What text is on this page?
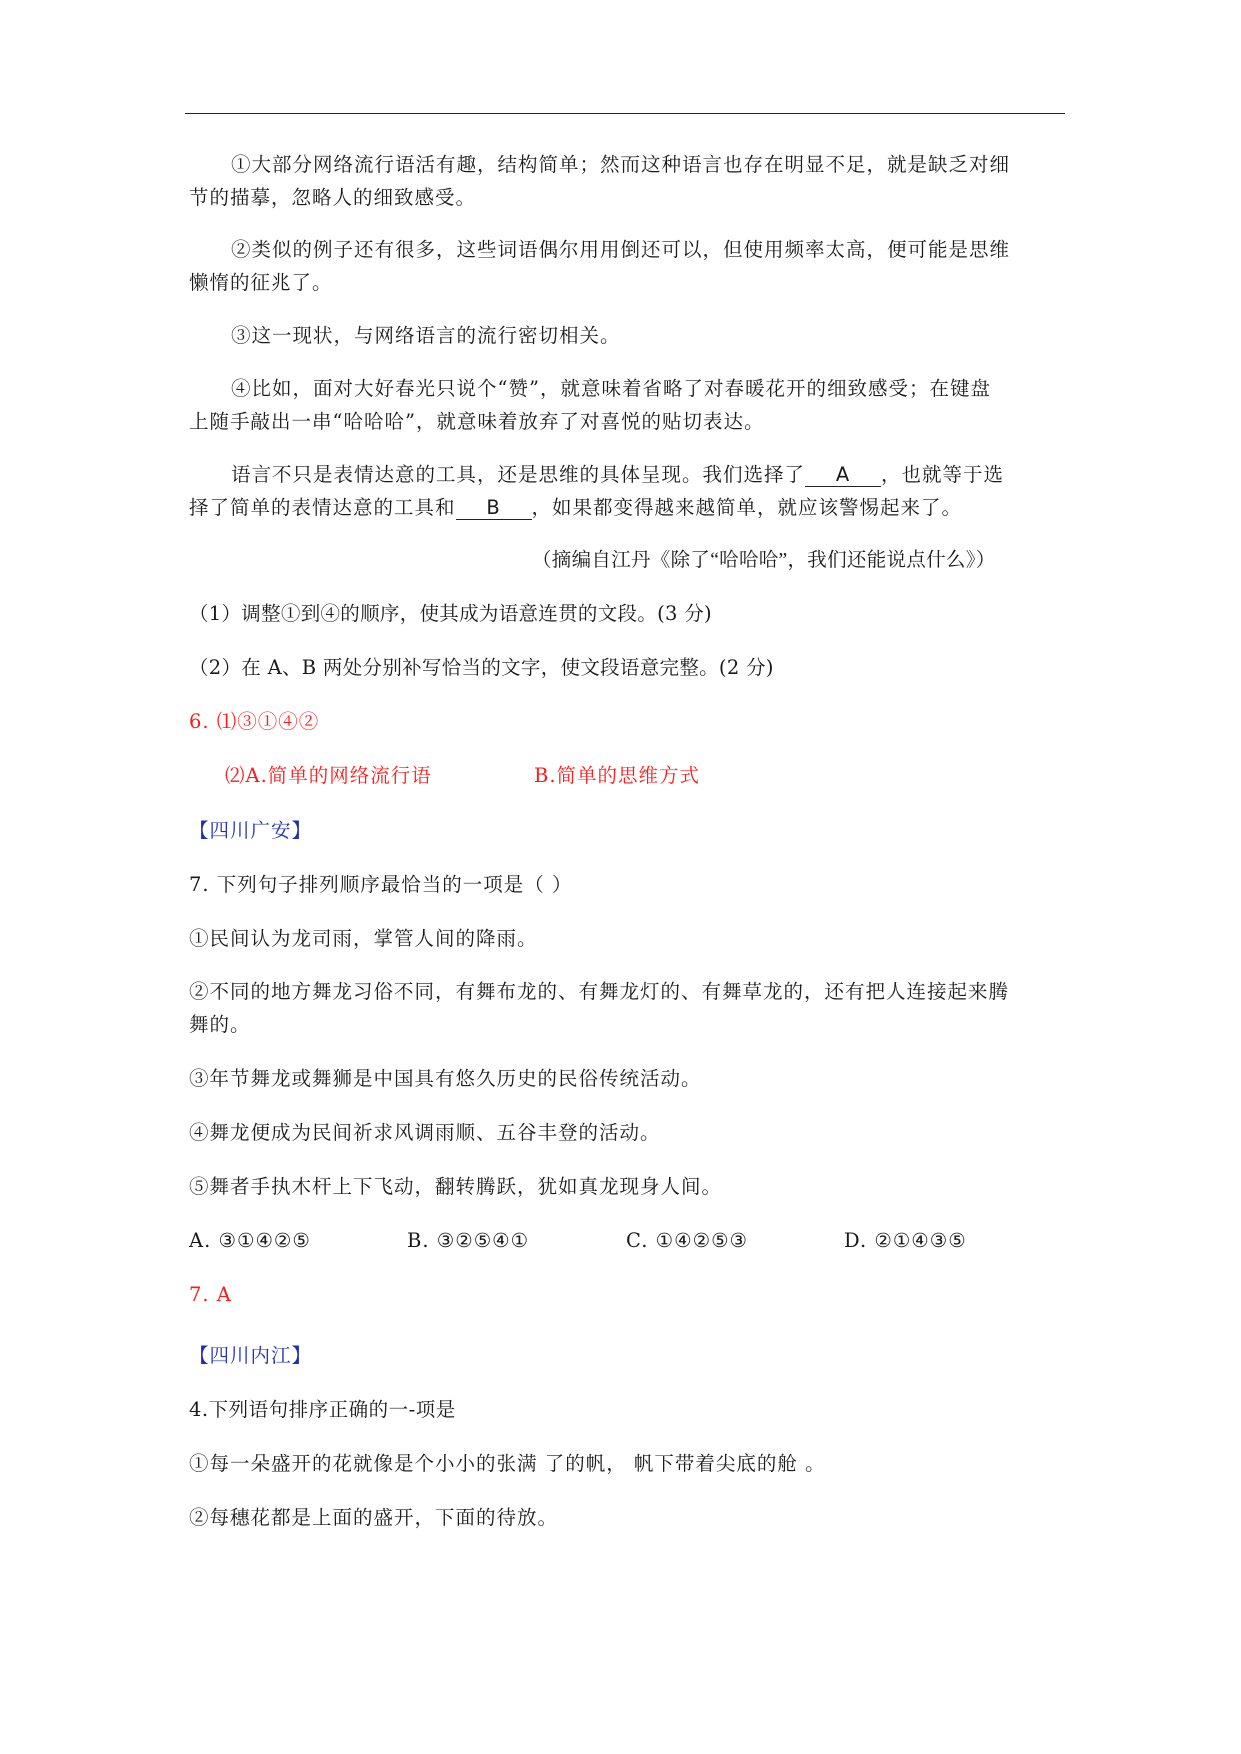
①大部分网络流行语活有趣，结构简单；然而这种语言也存在明显不足，就是缺乏对细
节的描摹，忽略人的细致感受。
②类似的例子还有很多，这些词语偶尔用用倒还可以，但使用频率太高，便可能是思维
懒惰的征兆了。
③这一现状，与网络语言的流行密切相关。
④比如，面对大好春光只说个“赞”，就意味着省略了对春暖花开的细致感受；在键盘
上随手敲出一串“哈哈哈”，就意味着放弃了对喜悦的贴切表达。
语言不只是表情达意的工具，还是思维的具体呈现。我们选择了 A ，也就等于选
择了简单的表情达意的工具和 B ，如果都变得越来越简单，就应该警惕起来了。
（摘编自江丹《除了“哈哈哈”，我们还能说点什么》）
（1）调整①到④的顺序，使其成为语意连贯的文段。(3 分)
（2）在 A、B 两处分别补写恰当的文字，使文段语意完整。(2 分)
6. ⑴③①④②
⑵A.简单的网络流行语	B.简单的思维方式
【四川广安】
7. 下列句子排列顺序最恰当的一项是（ ）
①民间认为龙司雨，掌管人间的降雨。
②不同的地方舞龙习俗不同，有舞布龙的、有舞龙灯的、有舞草龙的，还有把人连接起来腾
舞的。
③年节舞龙或舞狮是中国具有悠久历史的民俗传统活动。
④舞龙便成为民间祈求风调雨顺、五谷丰登的活动。
⑤舞者手执木杆上下飞动，翻转腾跃，犹如真龙现身人间。
A. ③①④②⑤	B. ③②⑤④①	C. ①④②⑤③	D. ②①④③⑤
7. A
【四川内江】
4.下列语句排序正确的一-项是
①每一朵盛开的花就像是个小小的张满 了的帆， 帆下带着尖底的舱 。
②每穗花都是上面的盛开，下面的待放。
